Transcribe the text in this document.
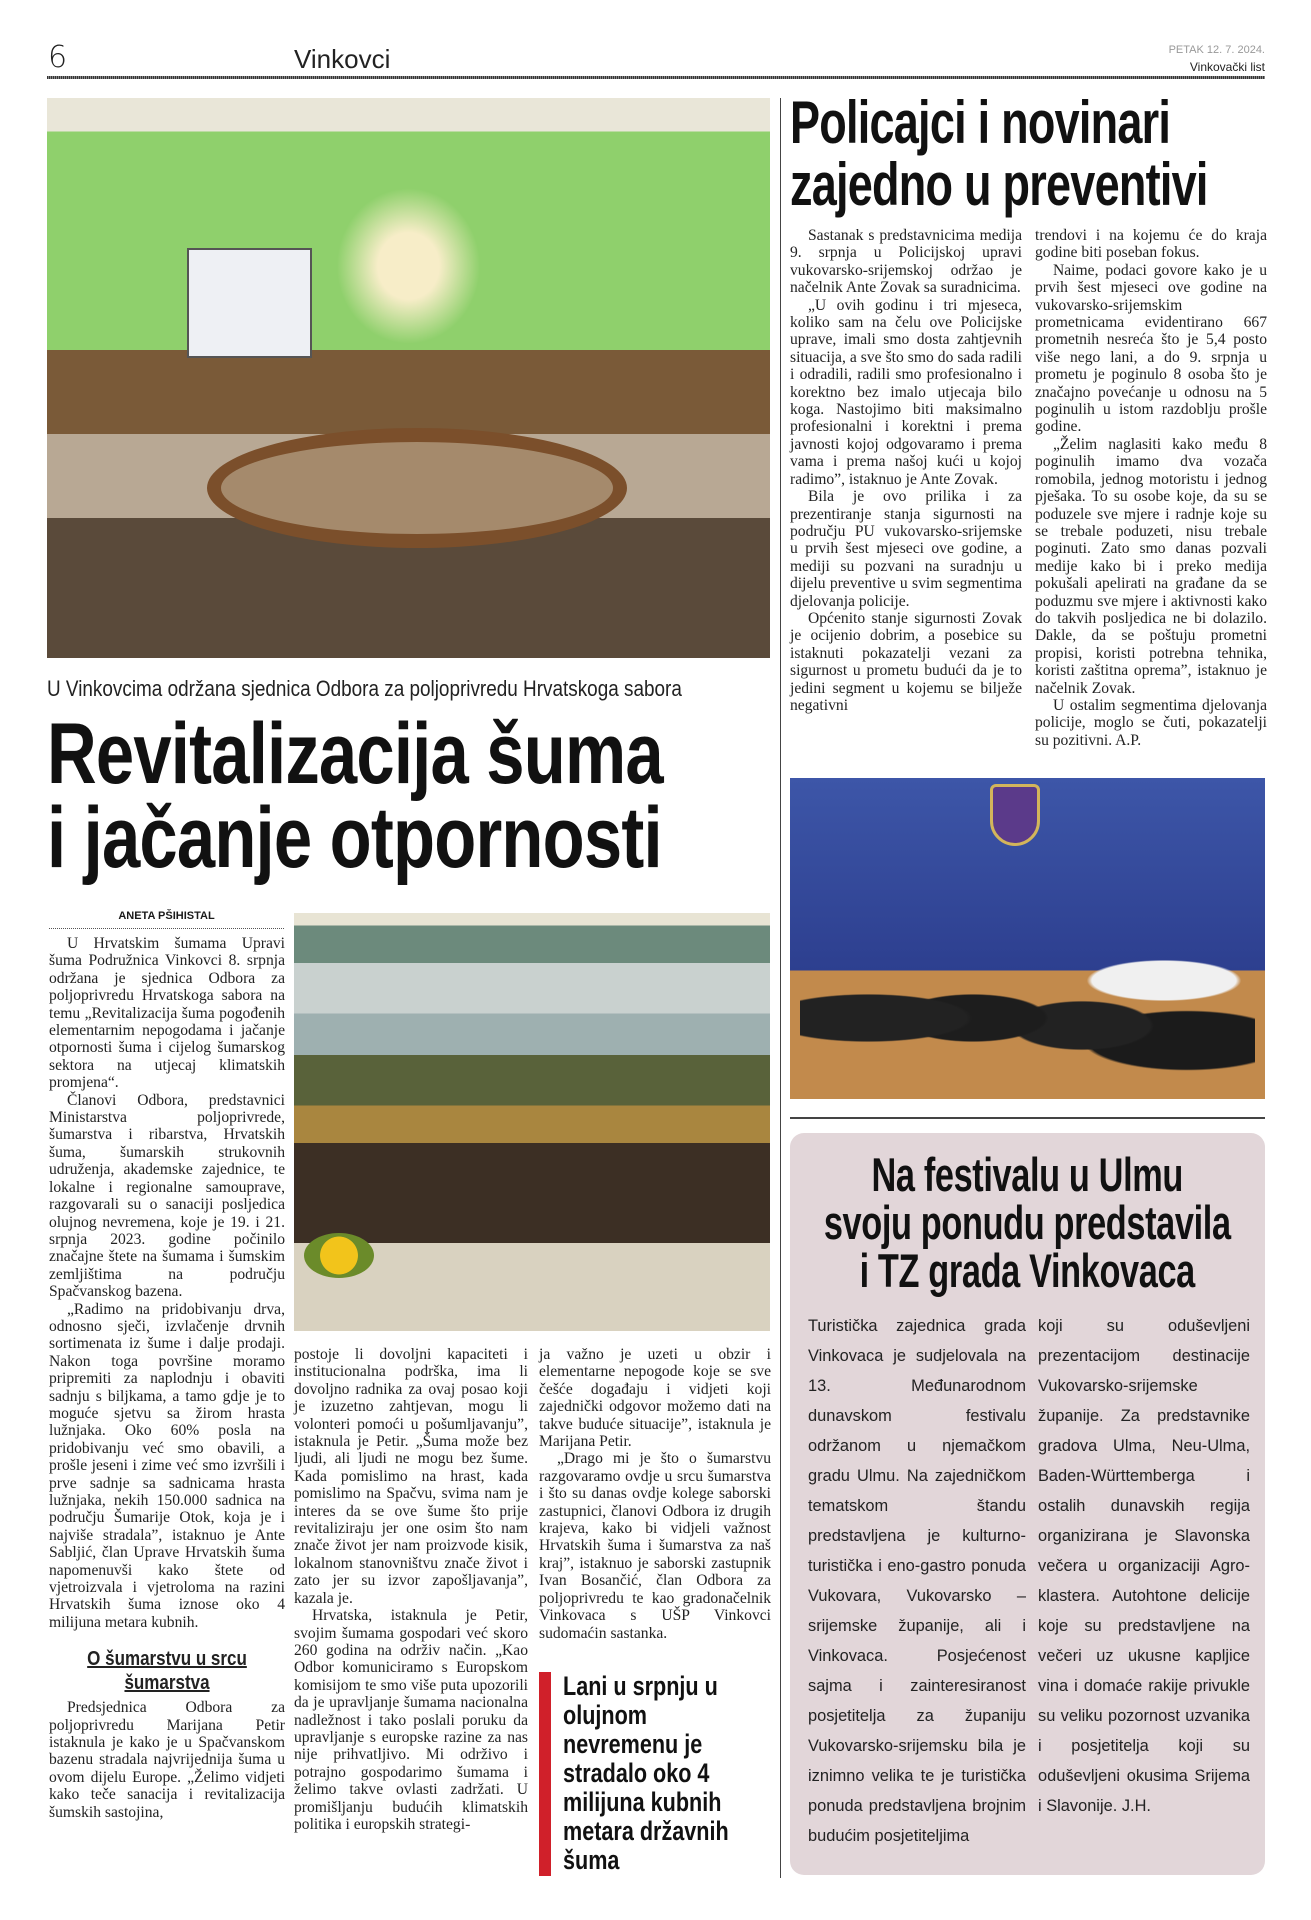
6	Vinkovci	PETAK 12. 7. 2024.
Vinkovački list
U Vinkovcima održana sjednica Odbora za poljoprivredu Hrvatskoga sabora
Revitalizacija šuma
i jačanje otpornosti
ANETA PŠIHISTAL

U Hrvatskim šumama Upravi šuma Podružnica Vinkovci 8. srpnja održana je sjednica Odbora za poljoprivredu Hrvatskoga sabora na temu „Revitalizacija šuma pogođenih elementarnim nepogodama i jačanje otpornosti šuma i cijelog šumarskog sektora na utjecaj klimatskih promjena“.

Članovi Odbora, predstavnici Ministarstva poljoprivrede, šumarstva i ribarstva, Hrvatskih šuma, šumarskih strukovnih udruženja, akademske zajednice, te lokalne i regionalne samouprave, razgovarali su o sanaciji posljedica olujnog nevremena, koje je 19. i 21. srpnja 2023. godine počinilo značajne štete na šumama i šumskim zemljištima na području Spačvanskog bazena.

„Radimo na pridobivanju drva, odnosno sječi, izvlačenje drvnih sortimenata iz šume i dalje prodaji. Nakon toga površine moramo pripremiti za naplodnju i obaviti sadnju s biljkama, a tamo gdje je to moguće sjetvu sa žirom hrasta lužnjaka. Oko 60% posla na pridobivanju već smo obavili, a prošle jeseni i zime već smo izvršili i prve sadnje sa sadnicama hrasta lužnjaka, nekih 150.000 sadnica na području Šumarije Otok, koja je i najviše stradala”, istaknuo je Ante Sabljić, član Uprave Hrvatskih šuma napomenuvši kako štete od vjetroizvala i vjetroloma na razini Hrvatskih šuma iznose oko 4 milijuna metara kubnih.

O šumarstvu u srcu šumarstva

Predsjednica Odbora za poljoprivredu Marijana Petir istaknula je kako je u Spačvanskom bazenu stradala najvrijednija šuma u ovom dijelu Europe. „Želimo vidjeti kako teče sanacija i revitalizacija šumskih sastojina,

postoje li dovoljni kapaciteti i institucionalna podrška, ima li dovoljno radnika za ovaj posao koji je izuzetno zahtjevan, mogu li volonteri pomoći u pošumljavanju”, istaknula je Petir. „Šuma može bez ljudi, ali ljudi ne mogu bez šume. Kada pomislimo na hrast, kada pomislimo na Spačvu, svima nam je interes da se ove šume što prije revitaliziraju jer one osim što nam znače život jer nam proizvode kisik, lokalnom stanovništvu znače život i zato jer su izvor zapošljavanja”, kazala je.

Hrvatska, istaknula je Petir, svojim šumama gospodari već skoro 260 godina na održiv način. „Kao Odbor komuniciramo s Europskom komisijom te smo više puta upozorili da je upravljanje šumama nacionalna nadležnost i tako poslali poruku da upravljanje s europske razine za nas nije prihvatljivo. Mi održivo i potrajno gospodarimo šumama i želimo takve ovlasti zadržati. U promišljanju budućih klimatskih politika i europskih strategi-

ja važno je uzeti u obzir i elementarne nepogode koje se sve češće događaju i vidjeti koji zajednički odgovor možemo dati na takve buduće situacije”, istaknula je Marijana Petir.

„Drago mi je što o šumarstvu razgovaramo ovdje u srcu šumarstva i što su danas ovdje kolege saborski zastupnici, članovi Odbora iz drugih krajeva, kako bi vidjeli važnost Hrvatskih šuma i šumarstva za naš kraj”, istaknuo je saborski zastupnik Ivan Bosančić, član Odbora za poljoprivredu te kao gradonačelnik Vinkovaca s UŠP Vinkovci sudomaćin sastanka.

Lani u srpnju u olujnom nevremenu je stradalo oko 4 milijuna kubnih metara državnih šuma
Policajci i novinari
zajedno u preventivi

Sastanak s predstavnicima medija 9. srpnja u Policijskoj upravi vukovarsko-srijemskoj održao je načelnik Ante Zovak sa suradnicima.

„U ovih godinu i tri mjeseca, koliko sam na čelu ove Policijske uprave, imali smo dosta zahtjevnih situacija, a sve što smo do sada radili i odradili, radili smo profesionalno i korektno bez imalo utjecaja bilo koga. Nastojimo biti maksimalno profesionalni i korektni i prema javnosti kojoj odgovaramo i prema vama i prema našoj kući u kojoj radimo”, istaknuo je Ante Zovak.

Bila je ovo prilika i za prezentiranje stanja sigurnosti na području PU vukovarsko-srijemske u prvih šest mjeseci ove godine, a mediji su pozvani na suradnju u dijelu preventive u svim segmentima djelovanja policije.

Općenito stanje sigurnosti Zovak je ocijenio dobrim, a posebice su istaknuti pokazatelji vezani za sigurnost u prometu budući da je to jedini segment u kojemu se bilježe negativni

trendovi i na kojemu će do kraja godine biti poseban fokus.

Naime, podaci govore kako je u prvih šest mjeseci ove godine na vukovarsko-srijemskim prometnicama evidentirano 667 prometnih nesreća što je 5,4 posto više nego lani, a do 9. srpnja u prometu je poginulo 8 osoba što je značajno povećanje u odnosu na 5 poginulih u istom razdoblju prošle godine.

„Želim naglasiti kako među 8 poginulih imamo dva vozača romobila, jednog motoristu i jednog pješaka. To su osobe koje, da su se poduzele sve mjere i radnje koje su se trebale poduzeti, nisu trebale poginuti. Zato smo danas pozvali medije kako bi i preko medija pokušali apelirati na građane da se poduzmu sve mjere i aktivnosti kako do takvih posljedica ne bi dolazilo. Dakle, da se poštuju prometni propisi, koristi potrebna tehnika, koristi zaštitna oprema”, istaknuo je načelnik Zovak.

U ostalim segmentima djelovanja policije, moglo se čuti, pokazatelji su pozitivni. A.P.

Na festivalu u Ulmu
svoju ponudu predstavila
i TZ grada Vinkovaca
Turistička zajednica grada Vinkovaca je sudjelovala na 13. Međunarodnom dunavskom festivalu održanom u njemačkom gradu Ulmu. Na zajedničkom tematskom štandu predstavljena je kulturno-turistička i eno-gastro ponuda Vukovara, Vukovarsko – srijemske županije, ali i Vinkovaca. Posjećenost sajma i zainteresiranost posjetitelja za županiju Vukovarsko-srijemsku bila je iznimno velika te je turistička ponuda predstavljena brojnim budućim posjetiteljima
koji su oduševljeni prezentacijom destinacije Vukovarsko-srijemske županije. Za predstavnike gradova Ulma, Neu-Ulma, Baden-Württemberga i ostalih dunavskih regija organizirana je Slavonska večera u organizaciji Agro-klastera. Autohtone delicije koje su predstavljene na večeri uz ukusne kapljice vina i domaće rakije privukle su veliku pozornost uzvanika i posjetitelja koji su oduševljeni okusima Srijema i Slavonije. J.H.
